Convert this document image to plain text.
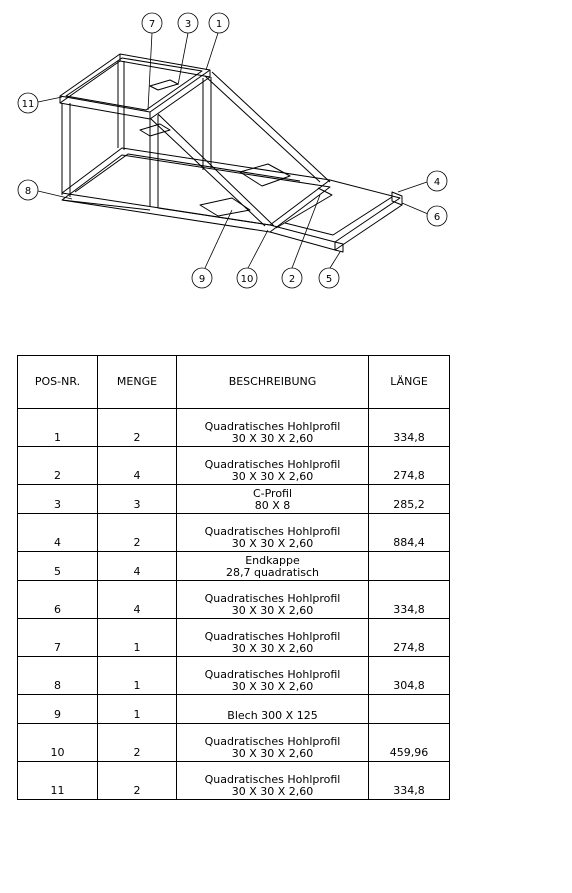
7	3 1
11
8
4
6
9	10	2	5
POS-NR.	MENGE	BESCHREIBUNG	LÄNGE
1	2	Quadratisches Hohlprofil
30 X 30 X 2,60	334,8
2	4	Quadratisches Hohlprofil
30 X 30 X 2,60	274,8
3	3	C-Profil
80 X 8	285,2
4	2	Quadratisches Hohlprofil
30 X 30 X 2,60	884,4
5	4	Endkappe
28,7 quadratisch	

6	4	Quadratisches Hohlprofil
30 X 30 X 2,60	334,8
7	1	Quadratisches Hohlprofil
30 X 30 X 2,60	274,8
8	1	Quadratisches Hohlprofil
30 X 30 X 2,60	304,8
9	1	Blech 300 X 125	

10	2	Quadratisches Hohlprofil
30 X 30 X 2,60	459,96
11	2	Quadratisches Hohlprofil
30 X 30 X 2,60	334,8
